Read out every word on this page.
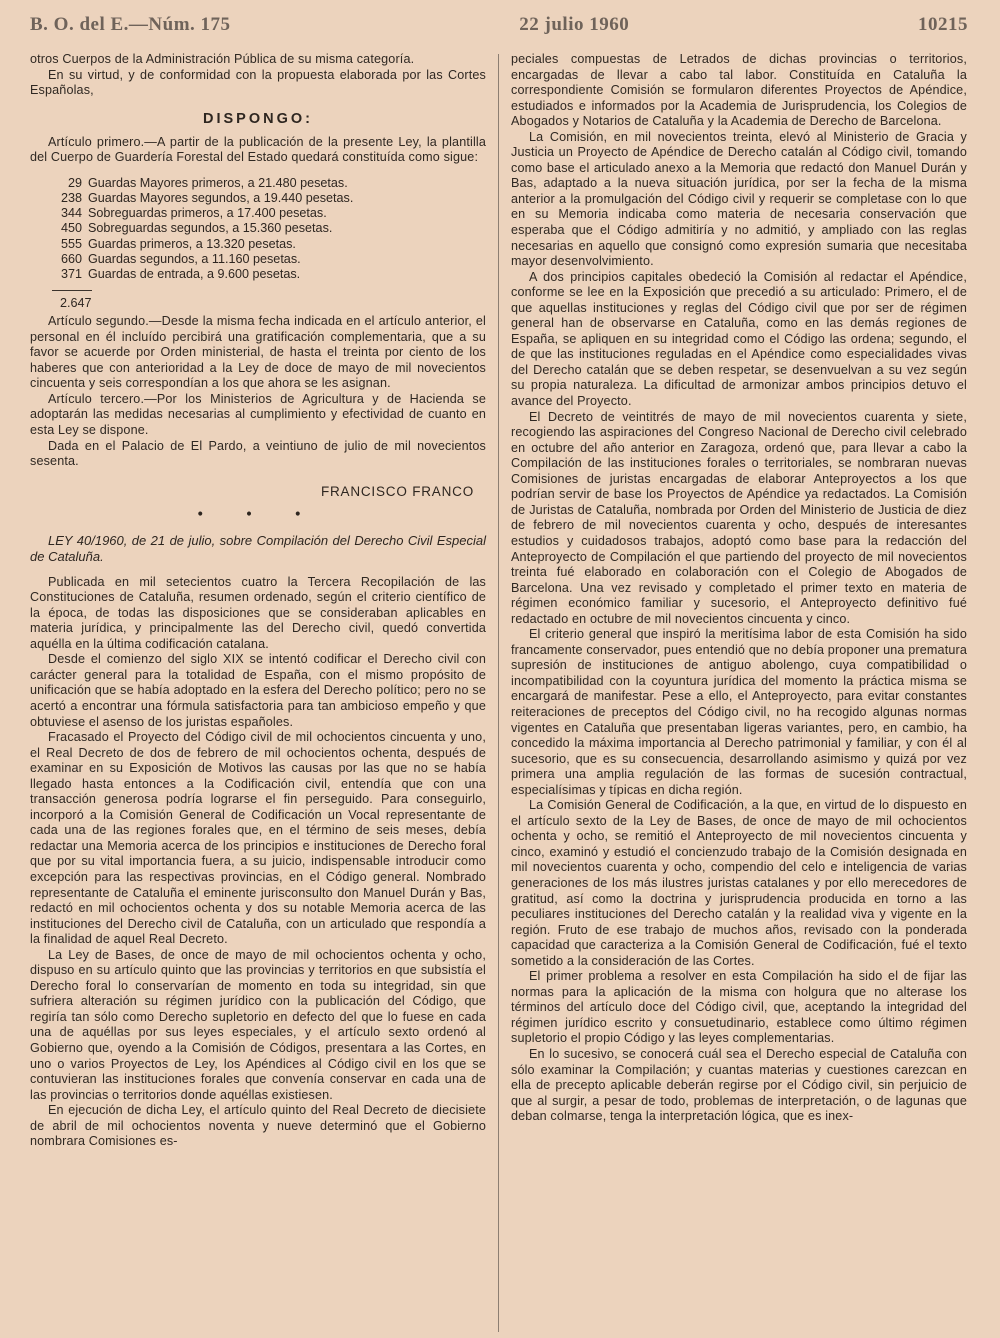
B. O. del E.—Núm. 175	22 julio 1960	10215

otros Cuerpos de la Administración Pública de su misma categoría.

En su virtud, y de conformidad con la propuesta elaborada por las Cortes Españolas,

DISPONGO:

Artículo primero.—A partir de la publicación de la presente Ley, la plantilla del Cuerpo de Guardería Forestal del Estado quedará constituída como sigue:

29 Guardas Mayores primeros, a 21.480 pesetas.
238 Guardas Mayores segundos, a 19.440 pesetas.
344 Sobreguardas primeros, a 17.400 pesetas.
450 Sobreguardas segundos, a 15.360 pesetas.
555 Guardas primeros, a 13.320 pesetas.
660 Guardas segundos, a 11.160 pesetas.
371 Guardas de entrada, a 9.600 pesetas.
2.647

Artículo segundo.—Desde la misma fecha indicada en el artículo anterior, el personal en él incluído percibirá una gratificación complementaria, que a su favor se acuerde por Orden ministerial, de hasta el treinta por ciento de los haberes que con anterioridad a la Ley de doce de mayo de mil novecientos cincuenta y seis correspondían a los que ahora se les asignan.

Artículo tercero.—Por los Ministerios de Agricultura y de Hacienda se adoptarán las medidas necesarias al cumplimiento y efectividad de cuanto en esta Ley se dispone.

Dada en el Palacio de El Pardo, a veintiuno de julio de mil novecientos sesenta.

FRANCISCO FRANCO
• • •
LEY 40/1960, de 21 de julio, sobre Compilación del Derecho Civil Especial de Cataluña.

Publicada en mil setecientos cuatro la Tercera Recopilación de las Constituciones de Cataluña, resumen ordenado, según el criterio científico de la época, de todas las disposiciones que se consideraban aplicables en materia jurídica, y principalmente las del Derecho civil, quedó convertida aquélla en la última codificación catalana.

Desde el comienzo del siglo XIX se intentó codificar el Derecho civil con carácter general para la totalidad de España, con el mismo propósito de unificación que se había adoptado en la esfera del Derecho político; pero no se acertó a encontrar una fórmula satisfactoria para tan ambicioso empeño y que obtuviese el asenso de los juristas españoles.

Fracasado el Proyecto del Código civil de mil ochocientos cincuenta y uno, el Real Decreto de dos de febrero de mil ochocientos ochenta, después de examinar en su Exposición de Motivos las causas por las que no se había llegado hasta entonces a la Codificación civil, entendía que con una transacción generosa podría lograrse el fin perseguido. Para conseguirlo, incorporó a la Comisión General de Codificación un Vocal representante de cada una de las regiones forales que, en el término de seis meses, debía redactar una Memoria acerca de los principios e instituciones de Derecho foral que por su vital importancia fuera, a su juicio, indispensable introducir como excepción para las respectivas provincias, en el Código general. Nombrado representante de Cataluña el eminente jurisconsulto don Manuel Durán y Bas, redactó en mil ochocientos ochenta y dos su notable Memoria acerca de las instituciones del Derecho civil de Cataluña, con un articulado que respondía a la finalidad de aquel Real Decreto.

La Ley de Bases, de once de mayo de mil ochocientos ochenta y ocho, dispuso en su artículo quinto que las provincias y territorios en que subsistía el Derecho foral lo conservarían de momento en toda su integridad, sin que sufriera alteración su régimen jurídico con la publicación del Código, que regiría tan sólo como Derecho supletorio en defecto del que lo fuese en cada una de aquéllas por sus leyes especiales, y el artículo sexto ordenó al Gobierno que, oyendo a la Comisión de Códigos, presentara a las Cortes, en uno o varios Proyectos de Ley, los Apéndices al Código civil en los que se contuvieran las instituciones forales que convenía conservar en cada una de las provincias o territorios donde aquéllas existiesen.

En ejecución de dicha Ley, el artículo quinto del Real Decreto de diecisiete de abril de mil ochocientos noventa y nueve determinó que el Gobierno nombrara Comisiones es-

peciales compuestas de Letrados de dichas provincias o territorios, encargadas de llevar a cabo tal labor. Constituída en Cataluña la correspondiente Comisión se formularon diferentes Proyectos de Apéndice, estudiados e informados por la Academia de Jurisprudencia, los Colegios de Abogados y Notarios de Cataluña y la Academia de Derecho de Barcelona.

La Comisión, en mil novecientos treinta, elevó al Ministerio de Gracia y Justicia un Proyecto de Apéndice de Derecho catalán al Código civil, tomando como base el articulado anexo a la Memoria que redactó don Manuel Durán y Bas, adaptado a la nueva situación jurídica, por ser la fecha de la misma anterior a la promulgación del Código civil y requerir se completase con lo que en su Memoria indicaba como materia de necesaria conservación que esperaba que el Código admitiría y no admitió, y ampliado con las reglas necesarias en aquello que consignó como expresión sumaria que necesitaba mayor desenvolvimiento.

A dos principios capitales obedeció la Comisión al redactar el Apéndice, conforme se lee en la Exposición que precedió a su articulado: Primero, el de que aquellas instituciones y reglas del Código civil que por ser de régimen general han de observarse en Cataluña, como en las demás regiones de España, se apliquen en su integridad como el Código las ordena; segundo, el de que las instituciones reguladas en el Apéndice como especialidades vivas del Derecho catalán que se deben respetar, se desenvuelvan a su vez según su propia naturaleza. La dificultad de armonizar ambos principios detuvo el avance del Proyecto.

El Decreto de veintitrés de mayo de mil novecientos cuarenta y siete, recogiendo las aspiraciones del Congreso Nacional de Derecho civil celebrado en octubre del año anterior en Zaragoza, ordenó que, para llevar a cabo la Compilación de las instituciones forales o territoriales, se nombraran nuevas Comisiones de juristas encargadas de elaborar Anteproyectos a los que podrían servir de base los Proyectos de Apéndice ya redactados. La Comisión de Juristas de Cataluña, nombrada por Orden del Ministerio de Justicia de diez de febrero de mil novecientos cuarenta y ocho, después de interesantes estudios y cuidadosos trabajos, adoptó como base para la redacción del Anteproyecto de Compilación el que partiendo del proyecto de mil novecientos treinta fué elaborado en colaboración con el Colegio de Abogados de Barcelona. Una vez revisado y completado el primer texto en materia de régimen económico familiar y sucesorio, el Anteproyecto definitivo fué redactado en octubre de mil novecientos cincuenta y cinco.

El criterio general que inspiró la meritísima labor de esta Comisión ha sido francamente conservador, pues entendió que no debía proponer una prematura supresión de instituciones de antiguo abolengo, cuya compatibilidad o incompatibilidad con la coyuntura jurídica del momento la práctica misma se encargará de manifestar. Pese a ello, el Anteproyecto, para evitar constantes reiteraciones de preceptos del Código civil, no ha recogido algunas normas vigentes en Cataluña que presentaban ligeras variantes, pero, en cambio, ha concedido la máxima importancia al Derecho patrimonial y familiar, y con él al sucesorio, que es su consecuencia, desarrollando asimismo y quizá por vez primera una amplia regulación de las formas de sucesión contractual, especialísimas y típicas en dicha región.

La Comisión General de Codificación, a la que, en virtud de lo dispuesto en el artículo sexto de la Ley de Bases, de once de mayo de mil ochocientos ochenta y ocho, se remitió el Anteproyecto de mil novecientos cincuenta y cinco, examinó y estudió el concienzudo trabajo de la Comisión designada en mil novecientos cuarenta y ocho, compendio del celo e inteligencia de varias generaciones de los más ilustres juristas catalanes y por ello merecedores de gratitud, así como la doctrina y jurisprudencia producida en torno a las peculiares instituciones del Derecho catalán y la realidad viva y vigente en la región. Fruto de ese trabajo de muchos años, revisado con la ponderada capacidad que caracteriza a la Comisión General de Codificación, fué el texto sometido a la consideración de las Cortes.

El primer problema a resolver en esta Compilación ha sido el de fijar las normas para la aplicación de la misma con holgura que no alterase los términos del artículo doce del Código civil, que, aceptando la integridad del régimen jurídico escrito y consuetudinario, establece como último régimen supletorio el propio Código y las leyes complementarias.

En lo sucesivo, se conocerá cuál sea el Derecho especial de Cataluña con sólo examinar la Compilación; y cuantas materias y cuestiones carezcan en ella de precepto aplicable deberán regirse por el Código civil, sin perjuicio de que al surgir, a pesar de todo, problemas de interpretación, o de lagunas que deban colmarse, tenga la interpretación lógica, que es inex-
